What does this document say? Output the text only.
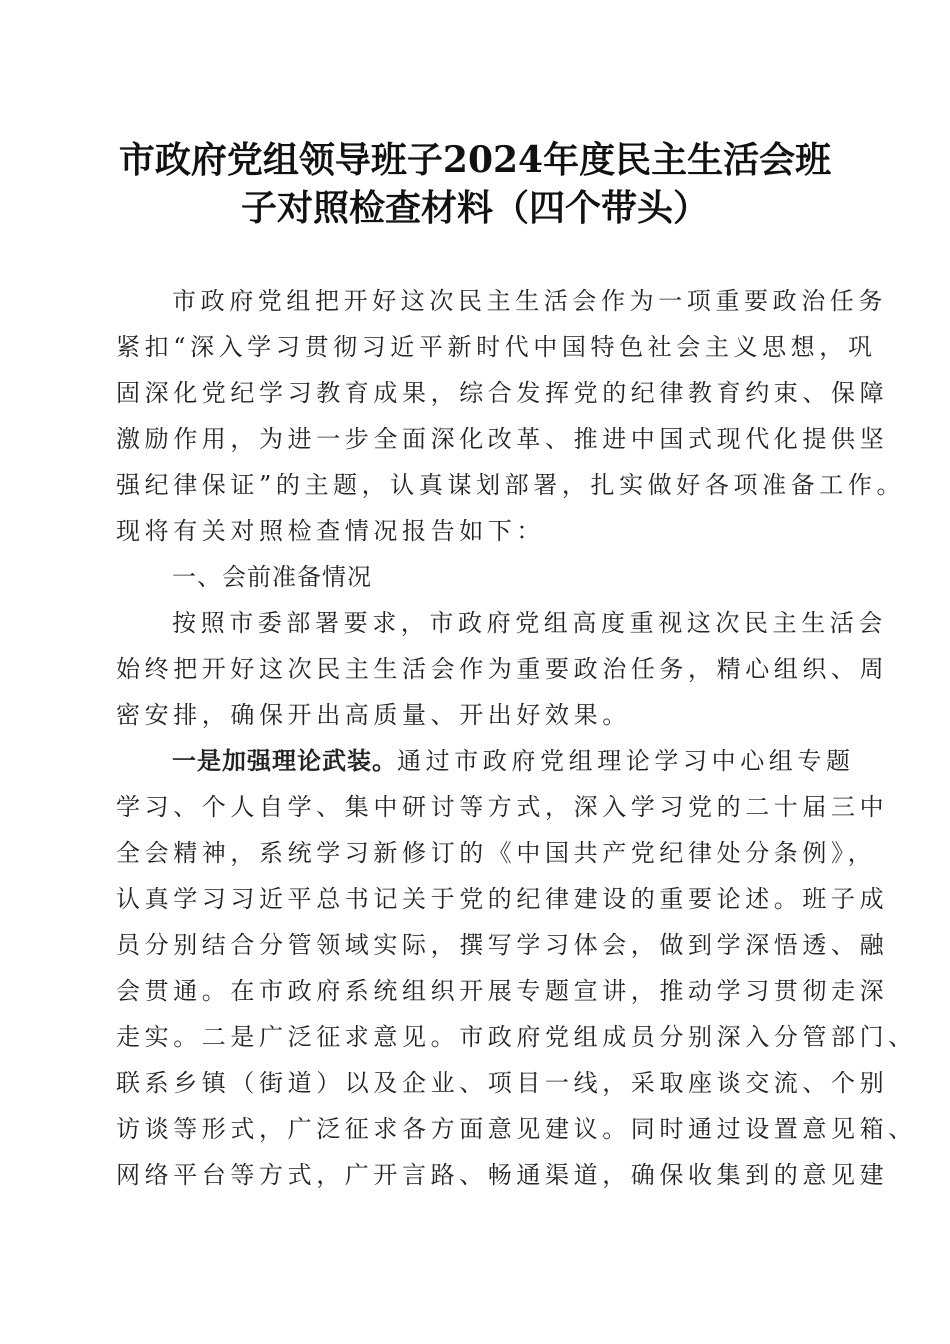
市政府党组领导班子2024年度民主生活会班
子对照检查材料（四个带头）
市政府党组把开好这次民主生活会作为一项重要政治任务
紧扣“深入学习贯彻习近平新时代中国特色社会主义思想，巩
固深化党纪学习教育成果，综合发挥党的纪律教育约束、保障
激励作用，为进一步全面深化改革、推进中国式现代化提供坚
强纪律保证”的主题，认真谋划部署，扎实做好各项准备工作。
现将有关对照检查情况报告如下：
一、会前准备情况
按照市委部署要求，市政府党组高度重视这次民主生活会
始终把开好这次民主生活会作为重要政治任务，精心组织、周
密安排，确保开出高质量、开出好效果。
一是加强理论武装。通过市政府党组理论学习中心组专题
学习、个人自学、集中研讨等方式，深入学习党的二十届三中
全会精神，系统学习新修订的《中国共产党纪律处分条例》，
认真学习习近平总书记关于党的纪律建设的重要论述。班子成
员分别结合分管领域实际，撰写学习体会，做到学深悟透、融
会贯通。在市政府系统组织开展专题宣讲，推动学习贯彻走深
走实。二是广泛征求意见。市政府党组成员分别深入分管部门、
联系乡镇（街道）以及企业、项目一线，采取座谈交流、个别
访谈等形式，广泛征求各方面意见建议。同时通过设置意见箱、
网络平台等方式，广开言路、畅通渠道，确保收集到的意见建
